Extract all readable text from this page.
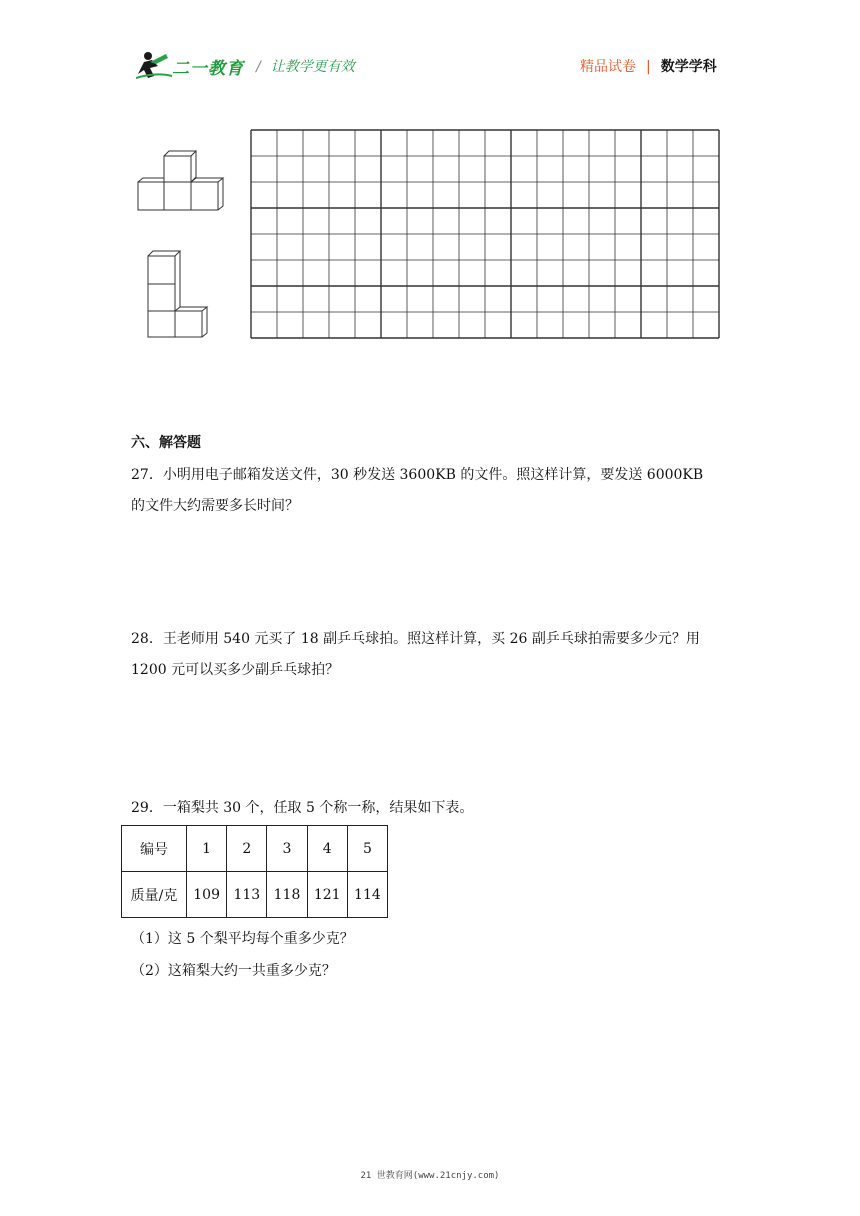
二一教育 / 让教学更有效	精品试卷 | 数学学科
六、解答题
27．小明用电子邮箱发送文件，30 秒发送 3600KB 的文件。照这样计算，要发送 6000KB
的文件大约需要多长时间？
28．王老师用 540 元买了 18 副乒乓球拍。照这样计算，买 26 副乒乓球拍需要多少元？用
1200 元可以买多少副乒乓球拍？
29．一箱梨共 30 个，任取 5 个称一称，结果如下表。
编号	1	2	3	4	5
质量/克	109	113	118	121	114
（1）这 5 个梨平均每个重多少克？
（2）这箱梨大约一共重多少克？
21 世教育网(www.21cnjy.com)
